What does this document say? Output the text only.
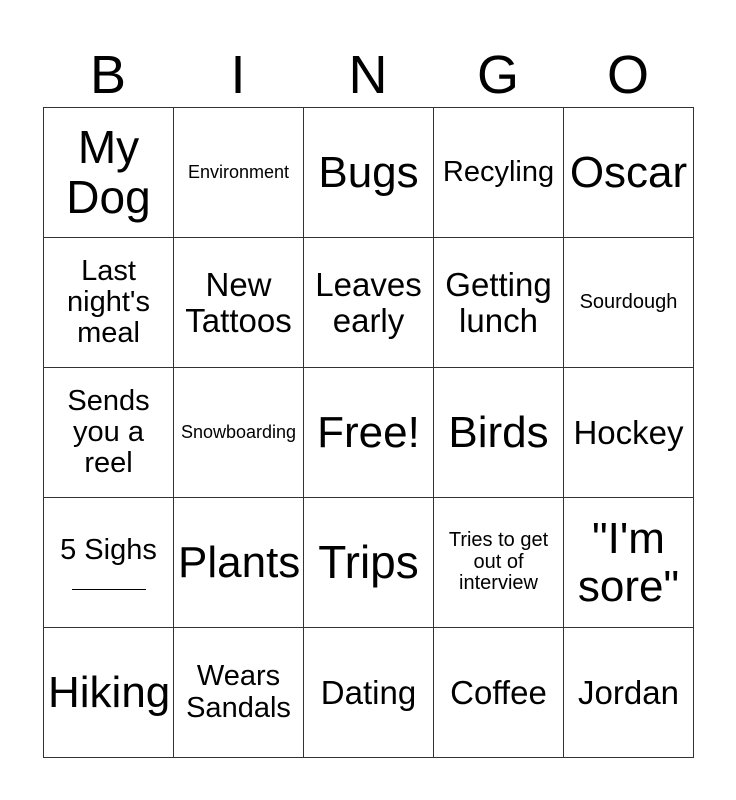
B	I	N	G	O
My Dog	Environment	Bugs	Recyling	Oscar
Last night's meal	New Tattoos	Leaves early	Getting lunch	Sourdough
Sends you a reel	Snowboarding	Free!	Birds	Hockey
5 Sighs	Plants	Trips	Tries to get out of interview	"I'm sore"
Hiking	Wears Sandals	Dating	Coffee	Jordan
